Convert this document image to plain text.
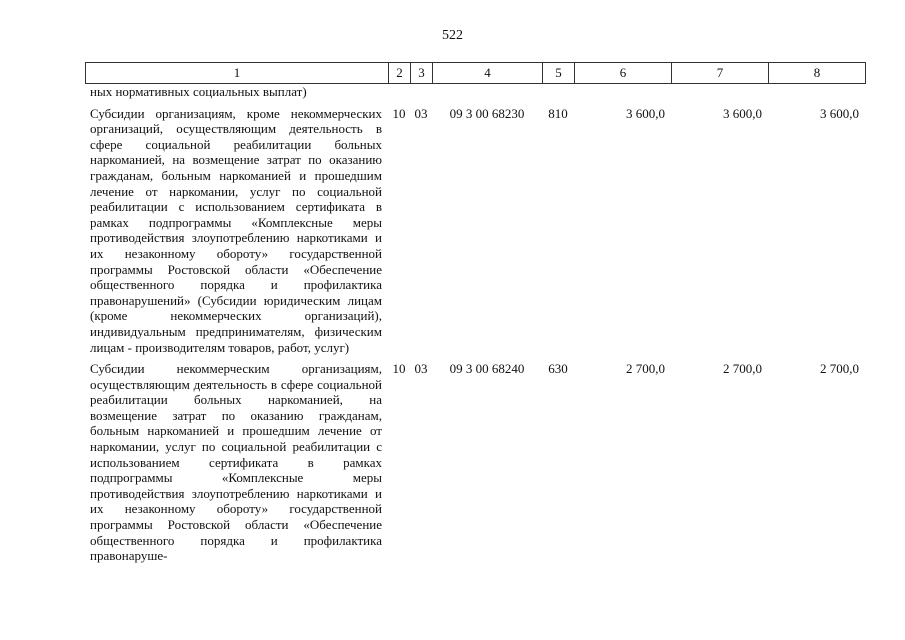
522
1	2	3	4	5	6	7	8
ных нормативных социальных выплат)							

Субсидии организациям, кроме некоммерческих организаций, осуществляющим деятельность в сфере социальной реабилитации больных наркоманией, на возмещение затрат по оказанию гражданам, больным наркоманией и прошедшим лечение от наркомании, услуг по социальной реабилитации с использованием сертификата в рамках подпрограммы «Комплексные меры противодействия злоупотреблению наркотиками и их незаконному обороту» государственной программы Ростовской области «Обеспечение общественного порядка и профилактика правонарушений» (Субсидии юридическим лицам (кроме некоммерческих организаций), индивидуальным предпринимателям, физическим лицам - производителям товаров, работ, услуг)	10	03	09 3 00 68230	810	3 600,0	3 600,0	3 600,0

Субсидии некоммерческим организациям, осуществляющим деятельность в сфере социальной реабилитации больных наркоманией, на возмещение затрат по оказанию гражданам, больным наркоманией и прошедшим лечение от наркомании, услуг по социальной реабилитации с использованием сертификата в рамках подпрограммы «Комплексные меры противодействия злоупотреблению наркотиками и их незаконному обороту» государственной программы Ростовской области «Обеспечение общественного порядка и профилактика правонаруше-	10	03	09 3 00 68240	630	2 700,0	2 700,0	2 700,0
